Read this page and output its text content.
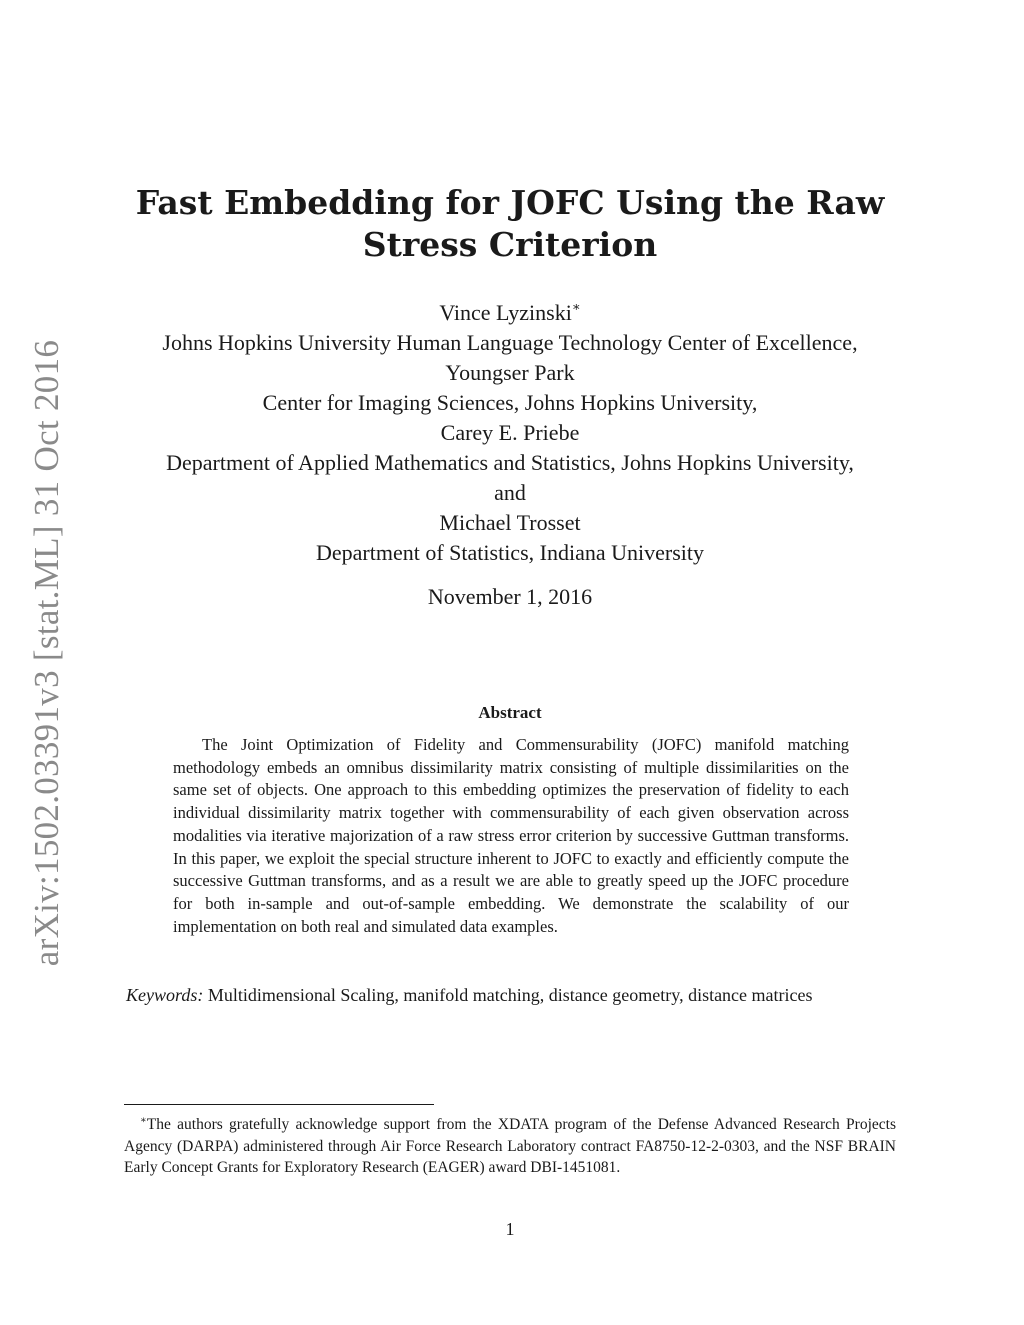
arXiv:1502.03391v3 [stat.ML] 31 Oct 2016
Fast Embedding for JOFC Using the Raw
Stress Criterion
Vince Lyzinski∗
Johns Hopkins University Human Language Technology Center of Excellence,
Youngser Park
Center for Imaging Sciences, Johns Hopkins University,
Carey E. Priebe
Department of Applied Mathematics and Statistics, Johns Hopkins University,
and
Michael Trosset
Department of Statistics, Indiana University
November 1, 2016
Abstract

The Joint Optimization of Fidelity and Commensurability (JOFC) manifold matching methodology embeds an omnibus dissimilarity matrix consisting of multiple dissimilarities on the same set of objects. One approach to this embedding optimizes the preservation of fidelity to each individual dissimilarity matrix together with commensurability of each given observation across modalities via iterative majorization of a raw stress error criterion by successive Guttman transforms. In this paper, we exploit the special structure inherent to JOFC to exactly and efficiently compute the successive Guttman transforms, and as a result we are able to greatly speed up the JOFC procedure for both in-sample and out-of-sample embedding. We demonstrate the scalability of our implementation on both real and simulated data examples.

Keywords: Multidimensional Scaling, manifold matching, distance geometry, distance matrices

∗The authors gratefully acknowledge support from the XDATA program of the Defense Advanced Research Projects Agency (DARPA) administered through Air Force Research Laboratory contract FA8750-12-2-0303, and the NSF BRAIN Early Concept Grants for Exploratory Research (EAGER) award DBI-1451081.

1
